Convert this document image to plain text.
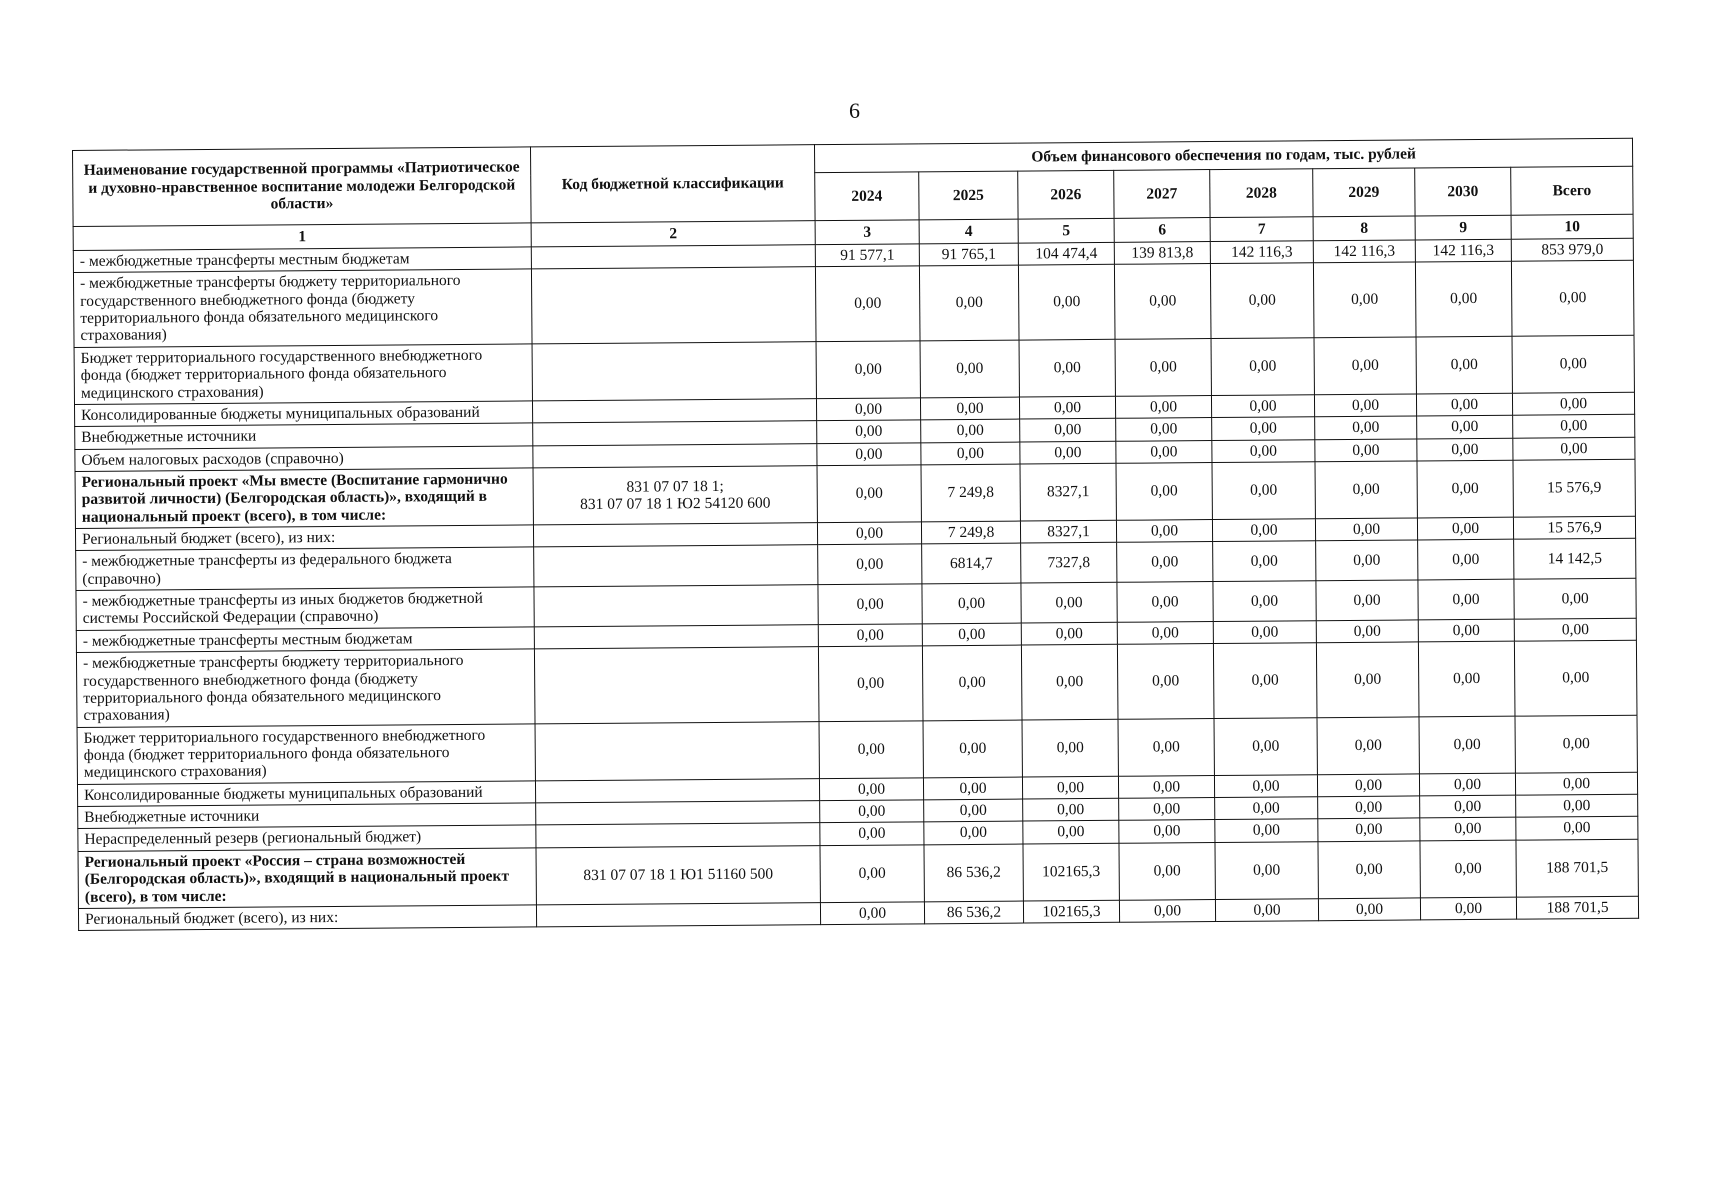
6
Наименование государственной программы «Патриотическое и духовно-нравственное воспитание молодежи Белгородской области»	Код бюджетной классификации	Объем финансового обеспечения по годам, тыс. рублей							
		2024	2025	2026	2027	2028	2029	2030	Всего
1	2	3	4	5	6	7	8	9	10
- межбюджетные трансферты местным бюджетам		91 577,1	91 765,1	104 474,4	139 813,8	142 116,3	142 116,3	142 116,3	853 979,0
- межбюджетные трансферты бюджету территориального государственного внебюджетного фонда (бюджету территориального фонда обязательного медицинского страхования)		0,00	0,00	0,00	0,00	0,00	0,00	0,00	0,00
Бюджет территориального государственного внебюджетного фонда (бюджет территориального фонда обязательного медицинского страхования)		0,00	0,00	0,00	0,00	0,00	0,00	0,00	0,00
Консолидированные бюджеты муниципальных образований		0,00	0,00	0,00	0,00	0,00	0,00	0,00	0,00
Внебюджетные источники		0,00	0,00	0,00	0,00	0,00	0,00	0,00	0,00
Объем налоговых расходов (справочно)		0,00	0,00	0,00	0,00	0,00	0,00	0,00	0,00
Региональный проект «Мы вместе (Воспитание гармонично развитой личности) (Белгородская область)», входящий в национальный проект (всего), в том числе:	831 07 07 18 1;
831 07 07 18 1 Ю2 54120 600	0,00	7 249,8	8327,1	0,00	0,00	0,00	0,00	15 576,9
Региональный бюджет (всего), из них:		0,00	7 249,8	8327,1	0,00	0,00	0,00	0,00	15 576,9
- межбюджетные трансферты из федерального бюджета (справочно)		0,00	6814,7	7327,8	0,00	0,00	0,00	0,00	14 142,5
- межбюджетные трансферты из иных бюджетов бюджетной системы Российской Федерации (справочно)		0,00	0,00	0,00	0,00	0,00	0,00	0,00	0,00
- межбюджетные трансферты местным бюджетам		0,00	0,00	0,00	0,00	0,00	0,00	0,00	0,00
- межбюджетные трансферты бюджету территориального государственного внебюджетного фонда (бюджету территориального фонда обязательного медицинского страхования)		0,00	0,00	0,00	0,00	0,00	0,00	0,00	0,00
Бюджет территориального государственного внебюджетного фонда (бюджет территориального фонда обязательного медицинского страхования)		0,00	0,00	0,00	0,00	0,00	0,00	0,00	0,00
Консолидированные бюджеты муниципальных образований		0,00	0,00	0,00	0,00	0,00	0,00	0,00	0,00
Внебюджетные источники		0,00	0,00	0,00	0,00	0,00	0,00	0,00	0,00
Нераспределенный резерв (региональный бюджет)		0,00	0,00	0,00	0,00	0,00	0,00	0,00	0,00
Региональный проект «Россия – страна возможностей (Белгородская область)», входящий в национальный проект (всего), в том числе:	831 07 07 18 1 Ю1 51160 500	0,00	86 536,2	102165,3	0,00	0,00	0,00	0,00	188 701,5
Региональный бюджет (всего), из них:		0,00	86 536,2	102165,3	0,00	0,00	0,00	0,00	188 701,5
